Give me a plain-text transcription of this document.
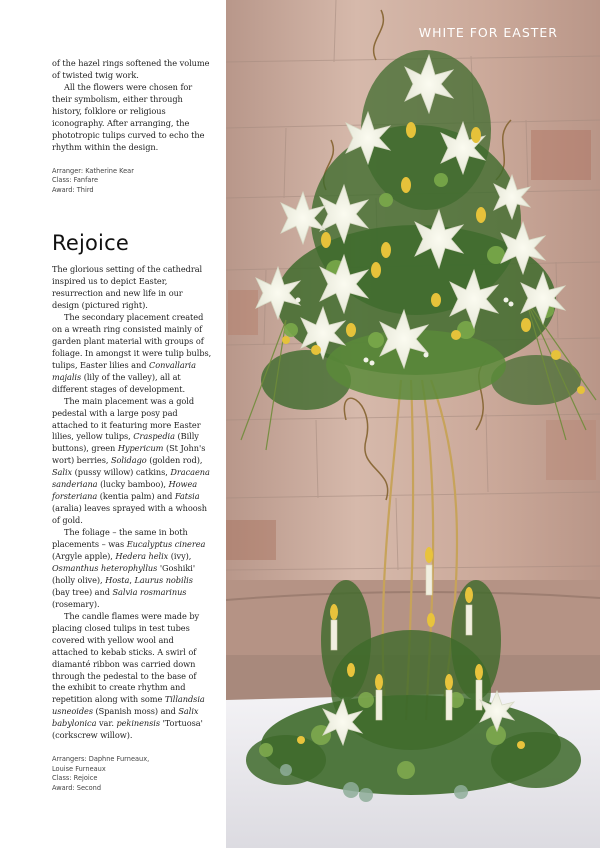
of the hazel rings softened the volume of twisted twig work.

All the flowers were chosen for their symbolism, either through history, folklore or religious iconography. After arranging, the phototropic tulips curved to echo the rhythm within the design.

Arranger: Katherine Kear

Class: Fanfare

Award: Third

Rejoice

The glorious setting of the cathedral inspired us to depict Easter, resurrection and new life in our design (pictured right).

The secondary placement created on a wreath ring consisted mainly of garden plant material with groups of foliage. In amongst it were tulip bulbs, tulips, Easter lilies and Convallaria majalis (lily of the valley), all at different stages of development.

The main placement was a gold pedestal with a large posy pad attached to it featuring more Easter lilies, yellow tulips, Craspedia (Billy buttons), green Hypericum (St John's wort) berries, Solidago (golden rod), Salix (pussy willow) catkins, Dracaena sanderiana (lucky bamboo), Howea forsteriana (kentia palm) and Fatsia (aralia) leaves sprayed with a whoosh of gold.

The foliage – the same in both placements – was Eucalyptus cinerea (Argyle apple), Hedera helix (ivy), Osmanthus heterophyllus 'Goshiki' (holly olive), Hosta, Laurus nobilis (bay tree) and Salvia rosmarinus (rosemary).

The candle flames were made by placing closed tulips in test tubes covered with yellow wool and attached to kebab sticks. A swirl of diamanté ribbon was carried down through the pedestal to the base of the exhibit to create rhythm and repetition along with some Tillandsia usneoides (Spanish moss) and Salix babylonica var. pekinensis 'Tortuosa' (corkscrew willow).

Arrangers: Daphne Furneaux,

Louise Furneaux

Class: Rejoice

Award: Second

WHITE FOR EASTER
